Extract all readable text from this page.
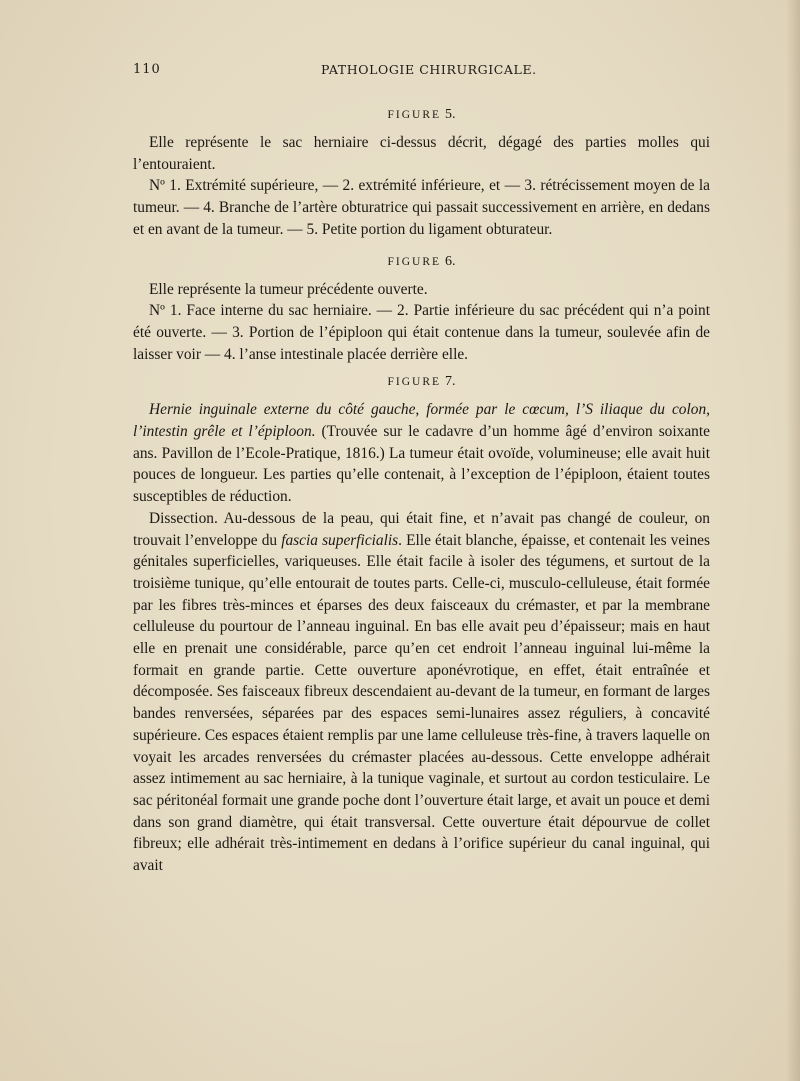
110	PATHOLOGIE CHIRURGICALE.
FIGURE 5.

Elle représente le sac herniaire ci-dessus décrit, dégagé des parties molles qui l’entouraient.

Nº 1. Extrémité supérieure, — 2. extrémité inférieure, et — 3. rétrécissement moyen de la tumeur. — 4. Branche de l’artère obturatrice qui passait successivement en arrière, en dedans et en avant de la tumeur. — 5. Petite portion du ligament obturateur.

FIGURE 6.

Elle représente la tumeur précédente ouverte.

Nº 1. Face interne du sac herniaire. — 2. Partie inférieure du sac précédent qui n’a point été ouverte. — 3. Portion de l’épiploon qui était contenue dans la tumeur, soulevée afin de laisser voir — 4. l’anse intestinale placée derrière elle.

FIGURE 7.

Hernie inguinale externe du côté gauche, formée par le cœcum, l’S iliaque du colon, l’intestin grêle et l’épiploon. (Trouvée sur le cadavre d’un homme âgé d’environ soixante ans. Pavillon de l’Ecole-Pratique, 1816.) La tumeur était ovoïde, volumineuse; elle avait huit pouces de longueur. Les parties qu’elle contenait, à l’exception de l’épiploon, étaient toutes susceptibles de réduction.

Dissection. Au-dessous de la peau, qui était fine, et n’avait pas changé de couleur, on trouvait l’enveloppe du fascia superficialis. Elle était blanche, épaisse, et contenait les veines génitales superficielles, variqueuses. Elle était facile à isoler des tégumens, et surtout de la troisième tunique, qu’elle entourait de toutes parts. Celle-ci, musculo-celluleuse, était formée par les fibres très-minces et éparses des deux faisceaux du crémaster, et par la membrane celluleuse du pourtour de l’anneau inguinal. En bas elle avait peu d’épaisseur; mais en haut elle en prenait une considérable, parce qu’en cet endroit l’anneau inguinal lui-même la formait en grande partie. Cette ouverture aponévrotique, en effet, était entraînée et décomposée. Ses faisceaux fibreux descendaient au-devant de la tumeur, en formant de larges bandes renversées, séparées par des espaces semi-lunaires assez réguliers, à concavité supérieure. Ces espaces étaient remplis par une lame celluleuse très-fine, à travers laquelle on voyait les arcades renversées du crémaster placées au-dessous. Cette enveloppe adhérait assez intimement au sac herniaire, à la tunique vaginale, et surtout au cordon testiculaire. Le sac péritonéal formait une grande poche dont l’ouverture était large, et avait un pouce et demi dans son grand diamètre, qui était transversal. Cette ouverture était dépourvue de collet fibreux; elle adhérait très-intimement en dedans à l’orifice supérieur du canal inguinal, qui avait
